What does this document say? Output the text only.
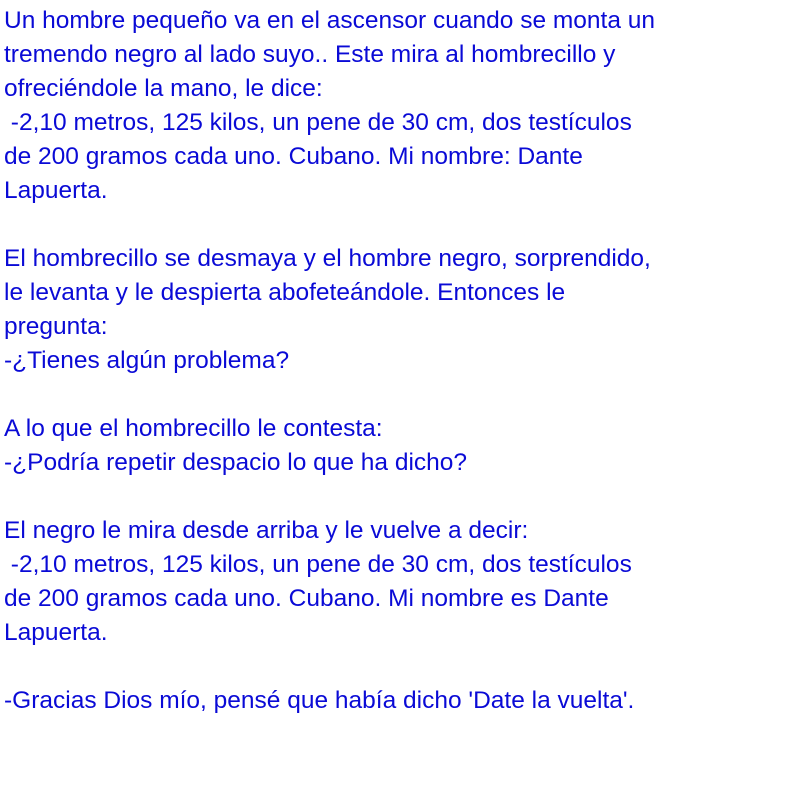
Un hombre pequeño va en el ascensor cuando se monta un
tremendo negro al lado suyo.. Este mira al hombrecillo y
ofreciéndole la mano, le dice:
-2,10 metros, 125 kilos, un pene de 30 cm, dos testículos
de 200 gramos cada uno. Cubano. Mi nombre: Dante
Lapuerta.
El hombrecillo se desmaya y el hombre negro, sorprendido,
le levanta y le despierta abofeteándole. Entonces le
pregunta:
-¿Tienes algún problema?
A lo que el hombrecillo le contesta:
-¿Podría repetir despacio lo que ha dicho?
El negro le mira desde arriba y le vuelve a decir:
-2,10 metros, 125 kilos, un pene de 30 cm, dos testículos
de 200 gramos cada uno. Cubano. Mi nombre es Dante
Lapuerta.
-Gracias Dios mío, pensé que había dicho 'Date la vuelta'.
